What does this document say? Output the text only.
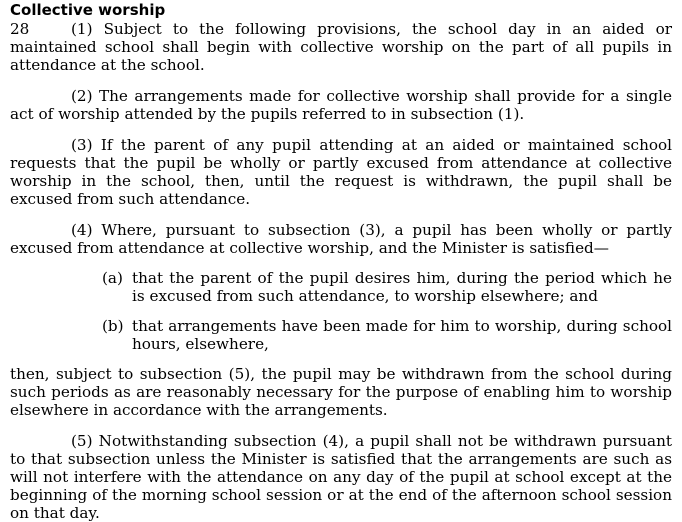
Collective worship

28	(1) Subject to the following provisions, the school day in an aided or maintained school shall begin with collective worship on the part of all pupils in attendance at the school.

(2) The arrangements made for collective worship shall provide for a single act of worship attended by the pupils referred to in subsection (1).

(3) If the parent of any pupil attending at an aided or maintained school requests that the pupil be wholly or partly excused from attendance at collective worship in the school, then, until the request is withdrawn, the pupil shall be excused from such attendance.

(4) Where, pursuant to subsection (3), a pupil has been wholly or partly excused from attendance at collective worship, and the Minister is satisfied—

(a) that the parent of the pupil desires him, during the period which he is excused from such attendance, to worship elsewhere; and
(b) that arrangements have been made for him to worship, during school hours, elsewhere,

then, subject to subsection (5), the pupil may be withdrawn from the school during such periods as are reasonably necessary for the purpose of enabling him to worship elsewhere in accordance with the arrangements.

(5) Notwithstanding subsection (4), a pupil shall not be withdrawn pursuant to that subsection unless the Minister is satisfied that the arrangements are such as will not interfere with the attendance on any day of the pupil at school except at the beginning of the morning school session or at the end of the afternoon school session on that day.
